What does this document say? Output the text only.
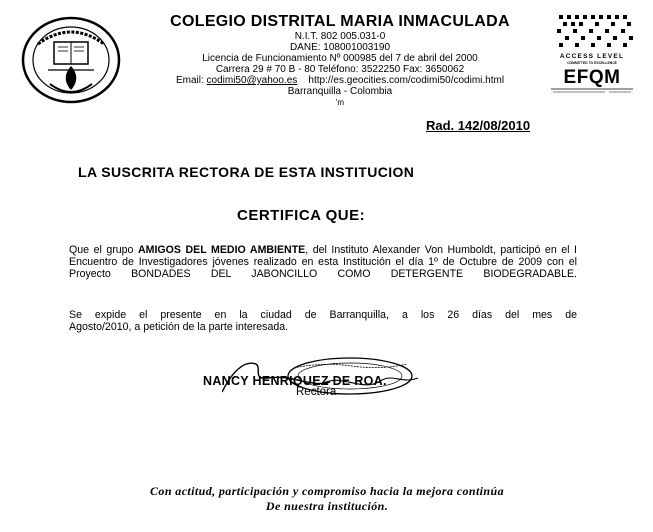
COLEGIO DISTRITAL MARIA INMACULADA
N.I.T. 802 005.031-0
DANE: 108001003190
Licencia de Funcionamiento Nº 000985 del 7 de abril del 2000
Carrera 29 # 70 B - 80 Teléfono: 3522250 Fax: 3650062
Email: codimi50@yahoo.es http://es.geocities.com/codimi50/codimi.html
Barranquilla - Colombia
'm
ACCESS LEVEL
COMMITTED TO EXCELLENCE
EFQM
Rad. 142/08/2010
LA SUSCRITA RECTORA DE ESTA INSTITUCION
CERTIFICA QUE:
Que el grupo AMIGOS DEL MEDIO AMBIENTE, del Instituto Alexander Von Humboldt, participó en el I Encuentro de Investigadores jóvenes realizado en esta Institución el día 1º de Octubre de 2009 con el Proyecto BONDADES DEL JABONCILLO COMO DETERGENTE BIODEGRADABLE.
Se expide el presente en la ciudad de Barranquilla, a los 26 días del mes de
Agosto/2010, a petición de la parte interesada.
NANCY HENRIQUEZ DE ROA.
Rectora
Con actitud, participación y compromiso hacia la mejora continúa
De nuestra institución.
